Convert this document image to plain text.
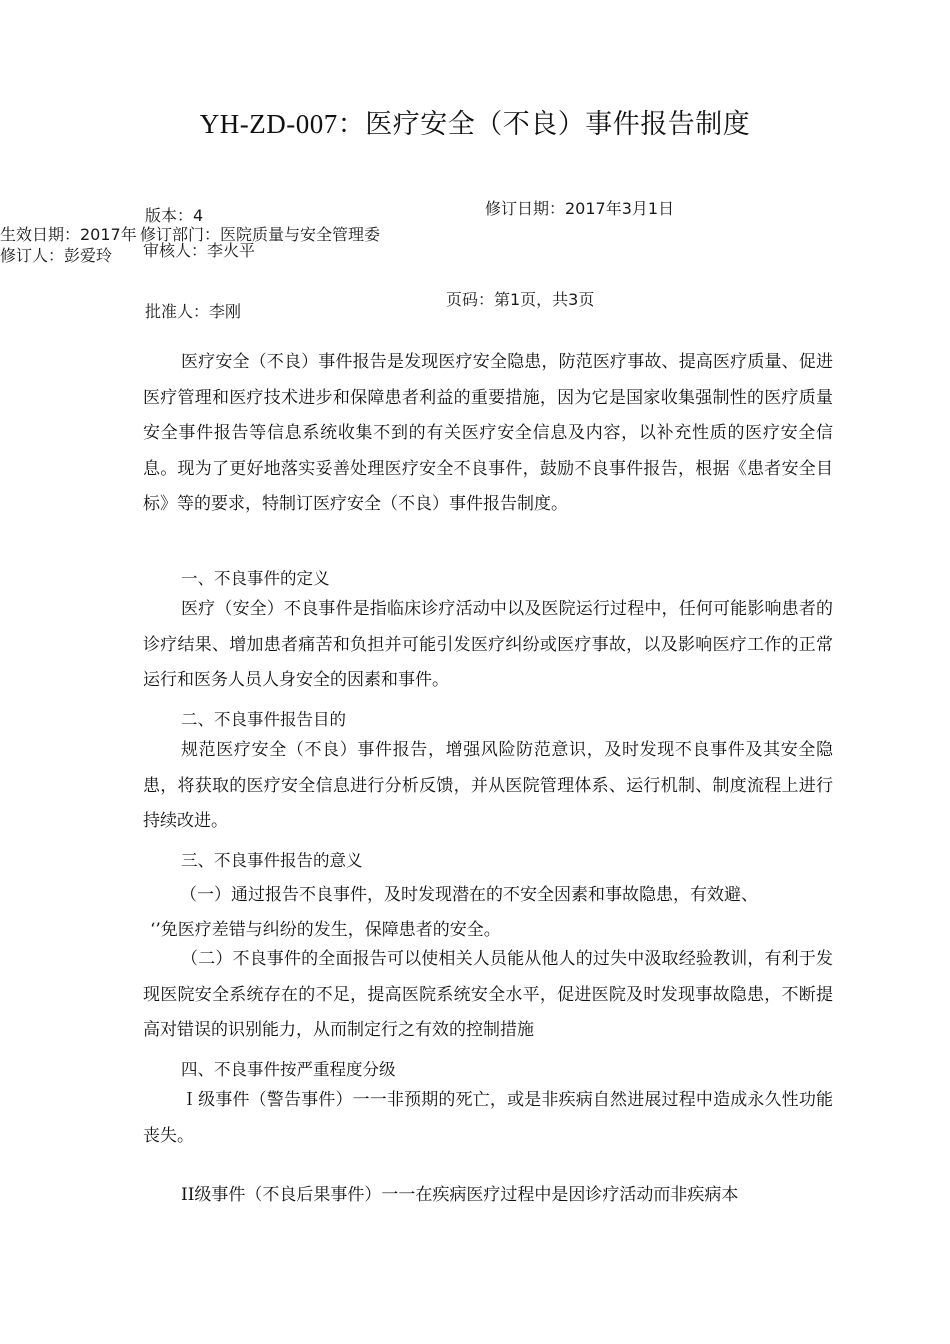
YH-ZD-007：医疗安全（不良）事件报告制度
版本：4	修订日期：2017年3月1日
生效日期：2017年 修订部门：医院质量与安全管理委
修订人：彭爱玲 审核人：李火平
批准人：李刚
页码：第1页，共3页

医疗安全（不良）事件报告是发现医疗安全隐患，防范医疗事故、提高医疗质量、促进医疗管理和医疗技术进步和保障患者利益的重要措施，因为它是国家收集强制性的医疗质量安全事件报告等信息系统收集不到的有关医疗安全信息及内容，以补充性质的医疗安全信息。现为了更好地落实妥善处理医疗安全不良事件，鼓励不良事件报告，根据《患者安全目标》等的要求，特制订医疗安全（不良）事件报告制度。

一、不良事件的定义

医疗（安全）不良事件是指临床诊疗活动中以及医院运行过程中，任何可能影响患者的诊疗结果、增加患者痛苦和负担并可能引发医疗纠纷或医疗事故，以及影响医疗工作的正常运行和医务人员人身安全的因素和事件。

二、不良事件报告目的

规范医疗安全（不良）事件报告，增强风险防范意识，及时发现不良事件及其安全隐患，将获取的医疗安全信息进行分析反馈，并从医院管理体系、运行机制、制度流程上进行持续改进。

三、不良事件报告的意义
（一）通过报告不良事件，及时发现潜在的不安全因素和事故隐患，有效避、
‘’免医疗差错与纠纷的发生，保障患者的安全。

（二）不良事件的全面报告可以使相关人员能从他人的过失中汲取经验教训，有利于发现医院安全系统存在的不足，提高医院系统安全水平，促进医院及时发现事故隐患，不断提高对错误的识别能力，从而制定行之有效的控制措施

四、不良事件按严重程度分级

Ｉ级事件（警告事件）一一非预期的死亡，或是非疾病自然进展过程中造成永久性功能丧失。

II级事件（不良后果事件）一一在疾病医疗过程中是因诊疗活动而非疾病本
